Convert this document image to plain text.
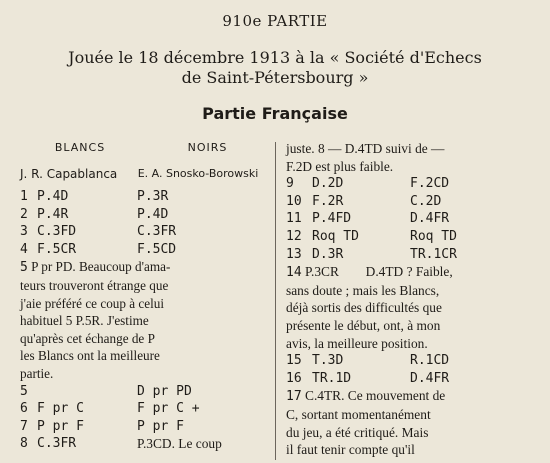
910e PARTIE
Jouée le 18 décembre 1913 à la « Société d'Echecs
de Saint-Pétersbourg »
Partie Française
BLANCS	NOIRS
J. R. Capablanca	E. A. Snosko-Borowski
1 P.4D	P.3R
2 P.4R	P.4D
3 C.3FD	C.3FR
4 F.5CR	F.5CD
5 P pr PD. Beaucoup d'ama-
teurs trouveront étrange que
j'aie préféré ce coup à celui
habituel 5 P.5R. J'estime
qu'après cet échange de P
les Blancs ont la meilleure
partie.
5	D pr PD
6 F pr C	F pr C +
7 P pr F	P pr F
8 C.3FR	P.3CD. Le coup
juste. 8 — D.4TD suivi de —
F.2D est plus faible.
9	D.2D	F.2CD
10 F.2R	C.2D
11 P.4FD	D.4FR
12 Roq TD	Roq TD
13 D.3R	TR.1CR
14 P.3CR        D.4TD ? Faible,
sans doute ; mais les Blancs,
déjà sortis des difficultés que
présente le début, ont, à mon
avis, la meilleure position.
15 T.3D	R.1CD
16 TR.1D	D.4FR
17 C.4TR. Ce mouvement de
C, sortant momentanément
du jeu, a été critiqué. Mais
il faut tenir compte qu'il
